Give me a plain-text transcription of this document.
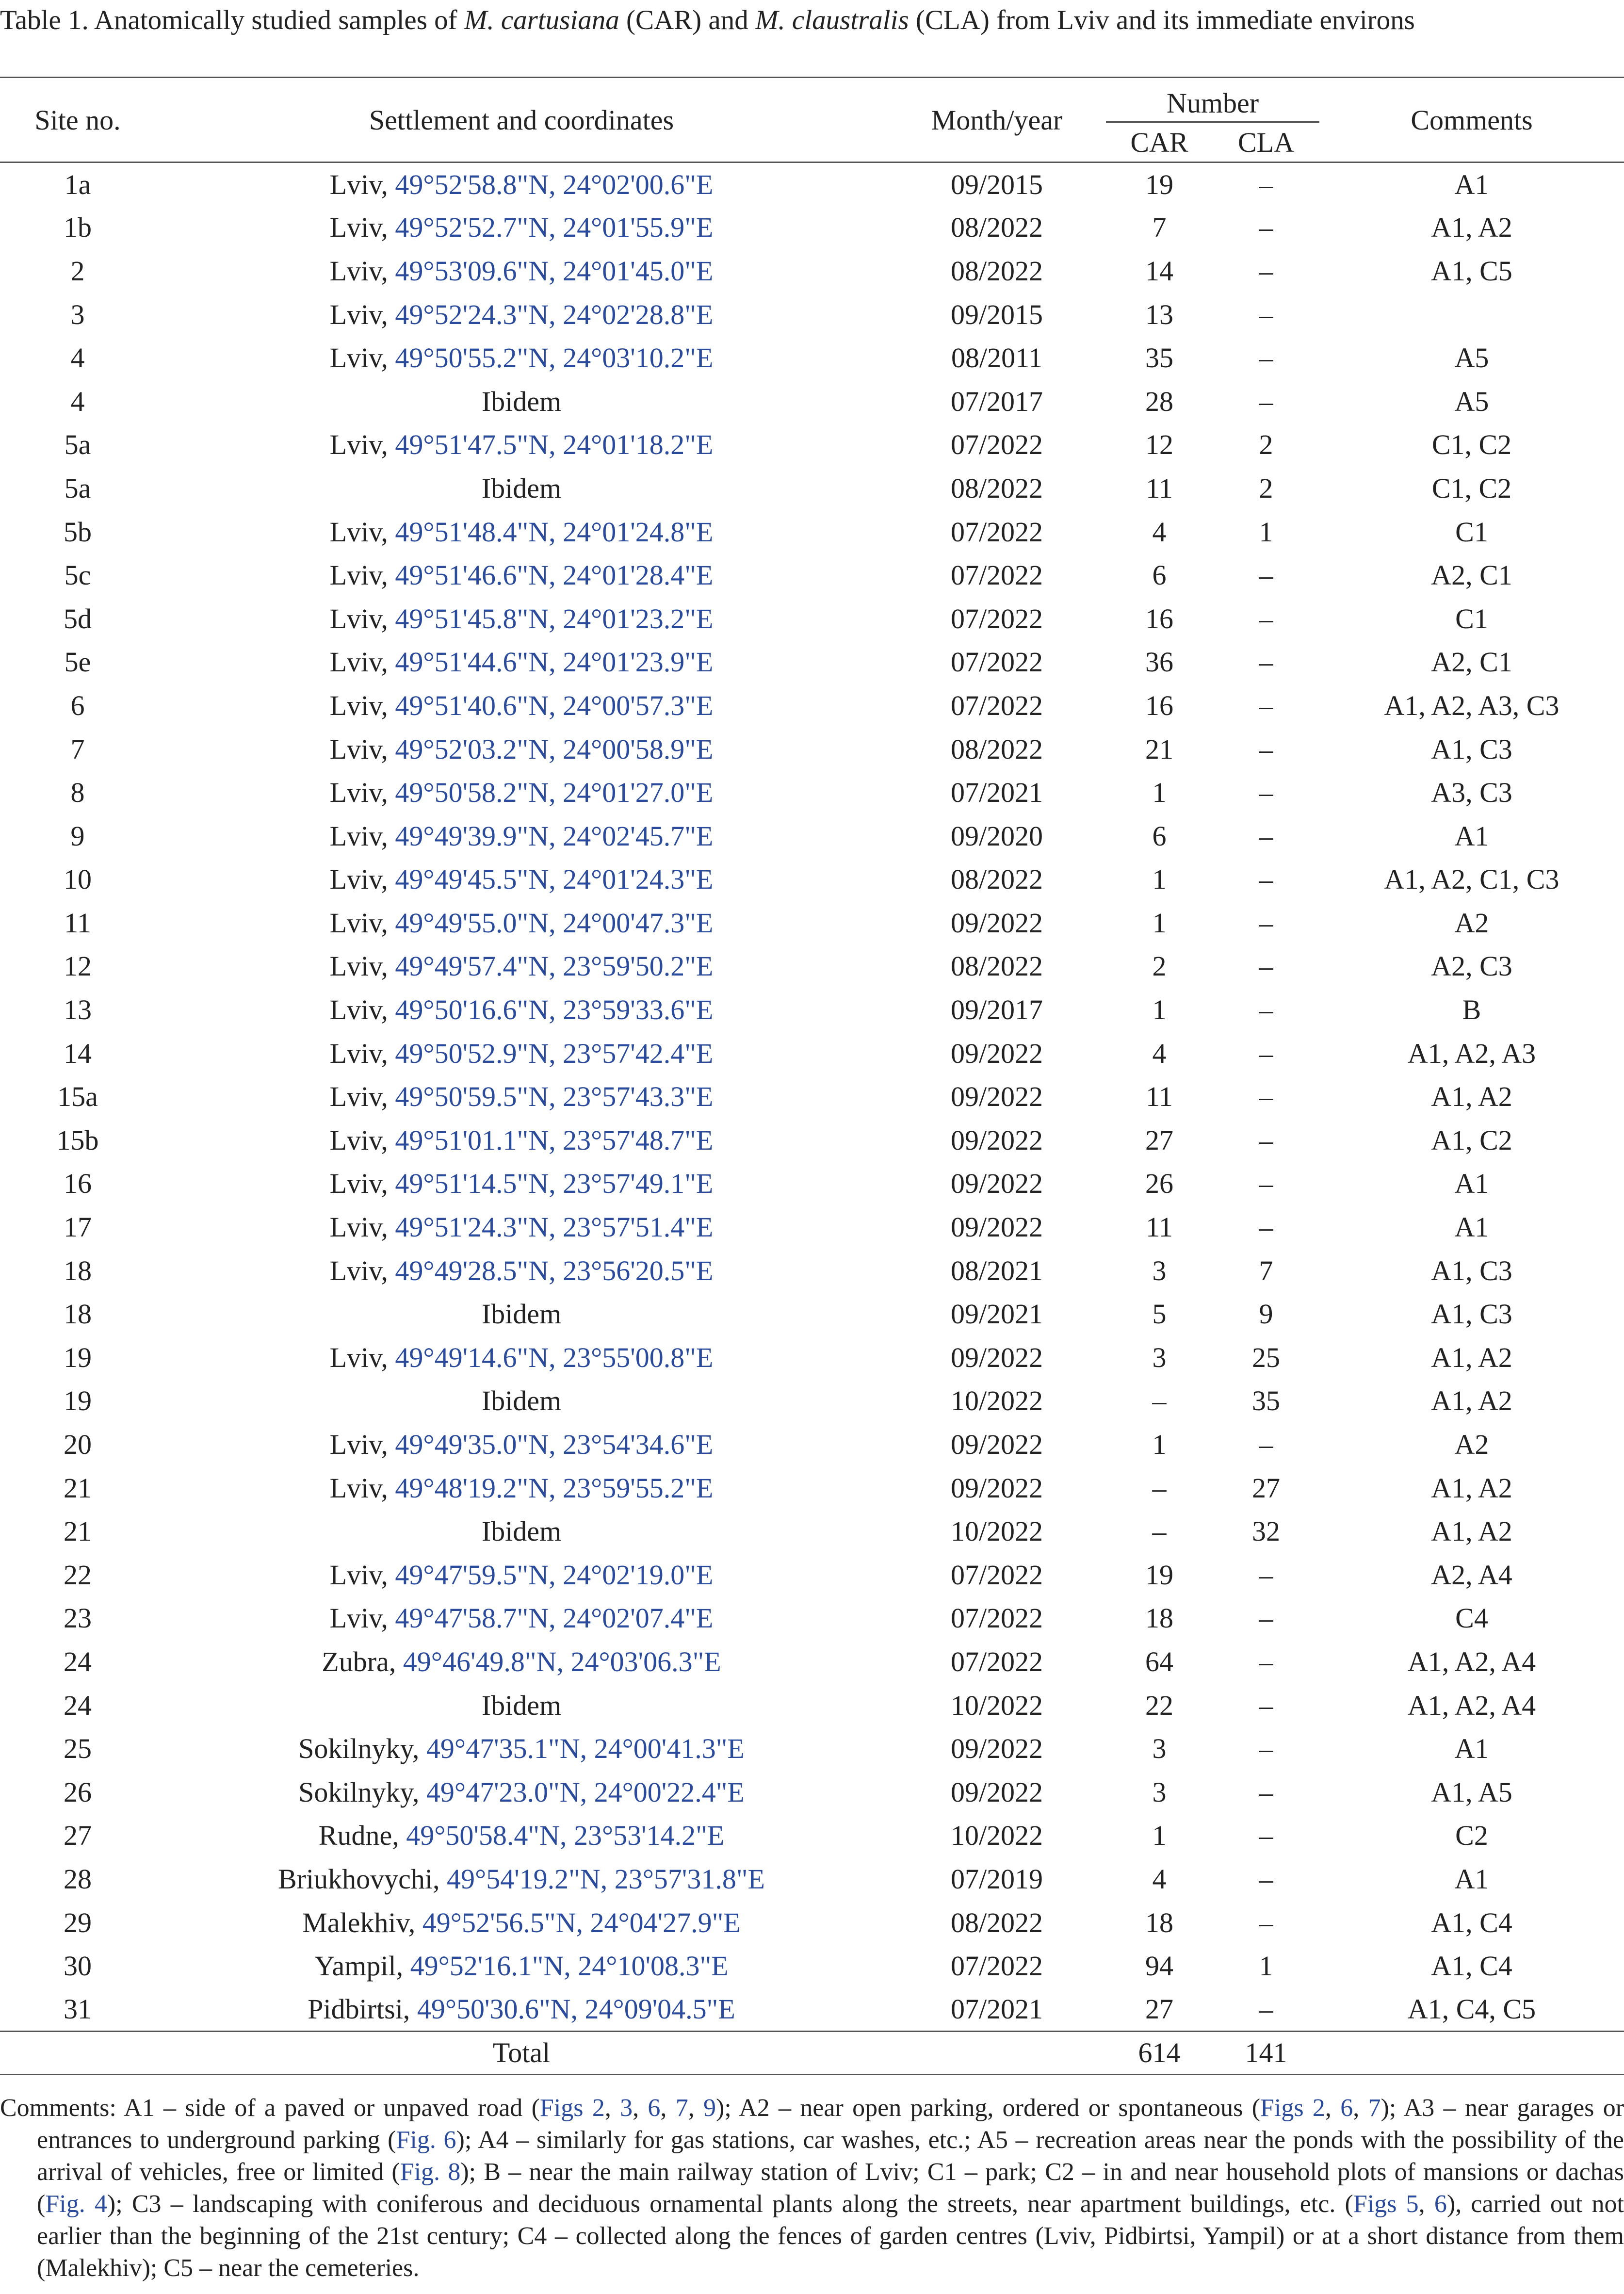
Table 1. Anatomically studied samples of M. cartusiana (CAR) and M. claustralis (CLA) from Lviv and its immediate environs
Site no.	Settlement and coordinates	Month/year	Number		Comments
			CAR	CLA	
1a	Lviv, 49°52'58.8"N, 24°02'00.6"E	09/2015	19	–	A1
1b	Lviv, 49°52'52.7"N, 24°01'55.9"E	08/2022	7	–	A1, A2
2	Lviv, 49°53'09.6"N, 24°01'45.0"E	08/2022	14	–	A1, C5
3	Lviv, 49°52'24.3"N, 24°02'28.8"E	09/2015	13	–	
4	Lviv, 49°50'55.2"N, 24°03'10.2"E	08/2011	35	–	A5
4	Ibidem	07/2017	28	–	A5
5a	Lviv, 49°51'47.5"N, 24°01'18.2"E	07/2022	12	2	C1, C2
5a	Ibidem	08/2022	11	2	C1, C2
5b	Lviv, 49°51'48.4"N, 24°01'24.8"E	07/2022	4	1	C1
5c	Lviv, 49°51'46.6"N, 24°01'28.4"E	07/2022	6	–	A2, C1
5d	Lviv, 49°51'45.8"N, 24°01'23.2"E	07/2022	16	–	C1
5e	Lviv, 49°51'44.6"N, 24°01'23.9"E	07/2022	36	–	A2, C1
6	Lviv, 49°51'40.6"N, 24°00'57.3"E	07/2022	16	–	A1, A2, A3, C3
7	Lviv, 49°52'03.2"N, 24°00'58.9"E	08/2022	21	–	A1, C3
8	Lviv, 49°50'58.2"N, 24°01'27.0"E	07/2021	1	–	A3, C3
9	Lviv, 49°49'39.9"N, 24°02'45.7"E	09/2020	6	–	A1
10	Lviv, 49°49'45.5"N, 24°01'24.3"E	08/2022	1	–	A1, A2, C1, C3
11	Lviv, 49°49'55.0"N, 24°00'47.3"E	09/2022	1	–	A2
12	Lviv, 49°49'57.4"N, 23°59'50.2"E	08/2022	2	–	A2, C3
13	Lviv, 49°50'16.6"N, 23°59'33.6"E	09/2017	1	–	B
14	Lviv, 49°50'52.9"N, 23°57'42.4"E	09/2022	4	–	A1, A2, A3
15a	Lviv, 49°50'59.5"N, 23°57'43.3"E	09/2022	11	–	A1, A2
15b	Lviv, 49°51'01.1"N, 23°57'48.7"E	09/2022	27	–	A1, C2
16	Lviv, 49°51'14.5"N, 23°57'49.1"E	09/2022	26	–	A1
17	Lviv, 49°51'24.3"N, 23°57'51.4"E	09/2022	11	–	A1
18	Lviv, 49°49'28.5"N, 23°56'20.5"E	08/2021	3	7	A1, C3
18	Ibidem	09/2021	5	9	A1, C3
19	Lviv, 49°49'14.6"N, 23°55'00.8"E	09/2022	3	25	A1, A2
19	Ibidem	10/2022	–	35	A1, A2
20	Lviv, 49°49'35.0"N, 23°54'34.6"E	09/2022	1	–	A2
21	Lviv, 49°48'19.2"N, 23°59'55.2"E	09/2022	–	27	A1, A2
21	Ibidem	10/2022	–	32	A1, A2
22	Lviv, 49°47'59.5"N, 24°02'19.0"E	07/2022	19	–	A2, A4
23	Lviv, 49°47'58.7"N, 24°02'07.4"E	07/2022	18	–	C4
24	Zubra, 49°46'49.8"N, 24°03'06.3"E	07/2022	64	–	A1, A2, A4
24	Ibidem	10/2022	22	–	A1, A2, A4
25	Sokilnyky, 49°47'35.1"N, 24°00'41.3"E	09/2022	3	–	A1
26	Sokilnyky, 49°47'23.0"N, 24°00'22.4"E	09/2022	3	–	A1, A5
27	Rudne, 49°50'58.4"N, 23°53'14.2"E	10/2022	1	–	C2
28	Briukhovychi, 49°54'19.2"N, 23°57'31.8"E	07/2019	4	–	A1
29	Malekhiv, 49°52'56.5"N, 24°04'27.9"E	08/2022	18	–	A1, C4
30	Yampil, 49°52'16.1"N, 24°10'08.3"E	07/2022	94	1	A1, C4
31	Pidbirtsi, 49°50'30.6"N, 24°09'04.5"E	07/2021	27	–	A1, C4, C5
	Total		614	141	
Comments: A1 – side of a paved or unpaved road (Figs 2, 3, 6, 7, 9); A2 – near open parking, ordered or spontaneous (Figs 2, 6, 7); A3 – near garages or entrances to underground parking (Fig. 6); A4 – similarly for gas stations, car washes, etc.; A5 – recreation areas near the ponds with the possibility of the arrival of vehicles, free or limited (Fig. 8); B – near the main railway station of Lviv; C1 – park; C2 – in and near household plots of mansions or dachas (Fig. 4); C3 – landscaping with coniferous and deciduous ornamental plants along the streets, near apartment buildings, etc. (Figs 5, 6), carried out not earlier than the beginning of the 21st century; C4 – collected along the fences of garden centres (Lviv, Pidbirtsi, Yampil) or at a short distance from them (Malekhiv); C5 – near the cemeteries.
